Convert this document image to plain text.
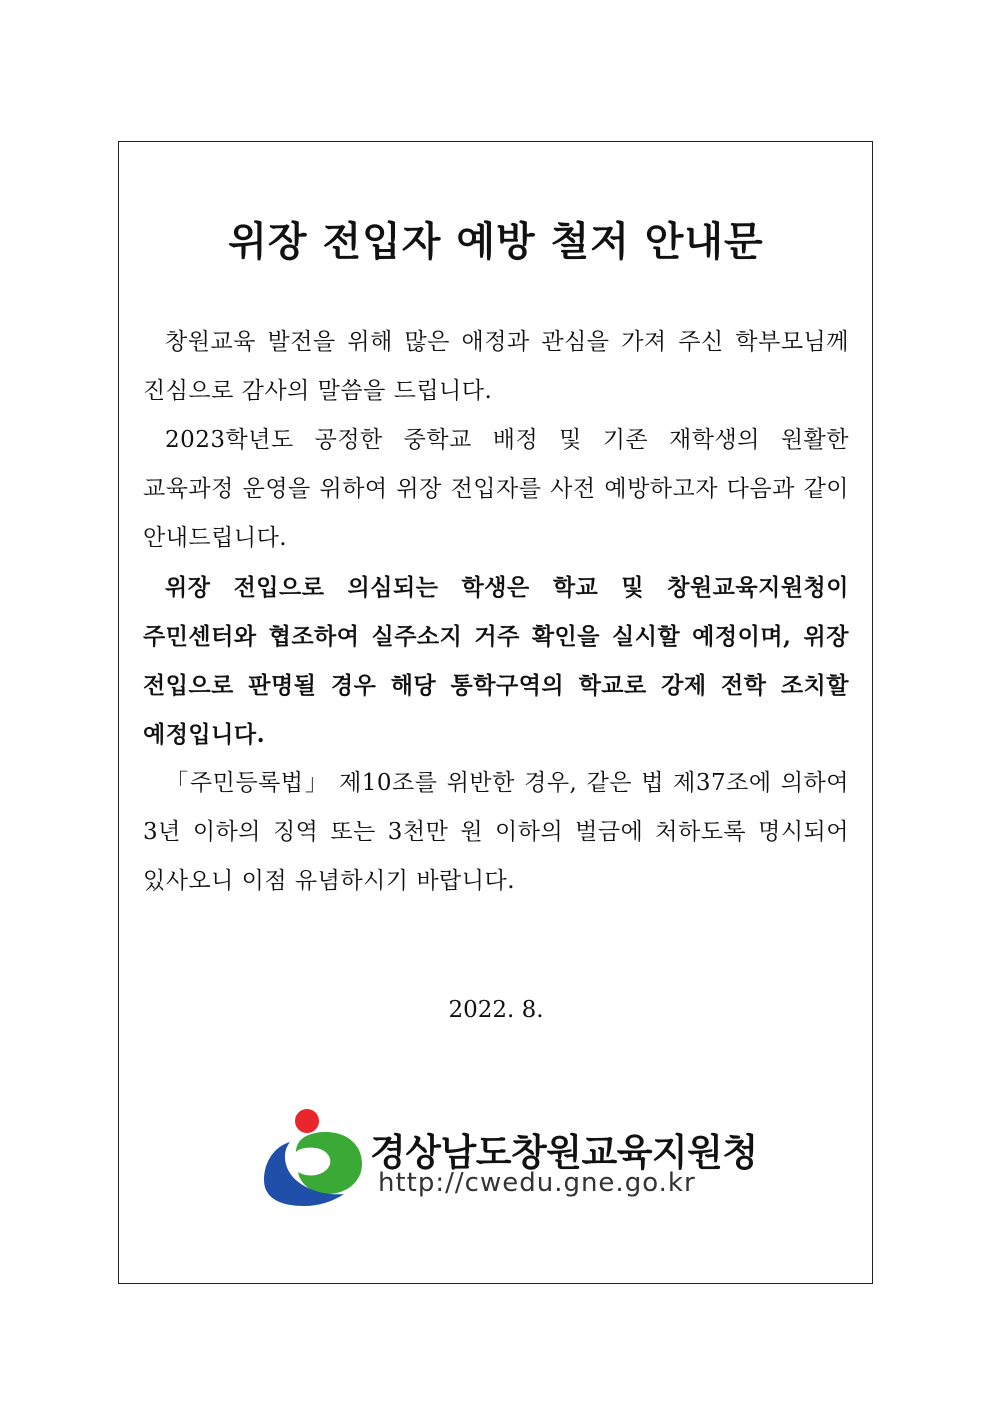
위장 전입자 예방 철저 안내문

창원교육 발전을 위해 많은 애정과 관심을 가져 주신 학부모님께 진심으로 감사의 말씀을 드립니다.

2023학년도 공정한 중학교 배정 및 기존 재학생의 원활한 교육과정 운영을 위하여 위장 전입자를 사전 예방하고자 다음과 같이 안내드립니다.

위장 전입으로 의심되는 학생은 학교 및 창원교육지원청이 주민센터와 협조하여 실주소지 거주 확인을 실시할 예정이며, 위장 전입으로 판명될 경우 해당 통학구역의 학교로 강제 전학 조치할 예정입니다.

「주민등록법」 제10조를 위반한 경우, 같은 법 제37조에 의하여 3년 이하의 징역 또는 3천만 원 이하의 벌금에 처하도록 명시되어 있사오니 이점 유념하시기 바랍니다.

2022. 8.
경상남도창원교육지원청
http://cwedu.gne.go.kr
